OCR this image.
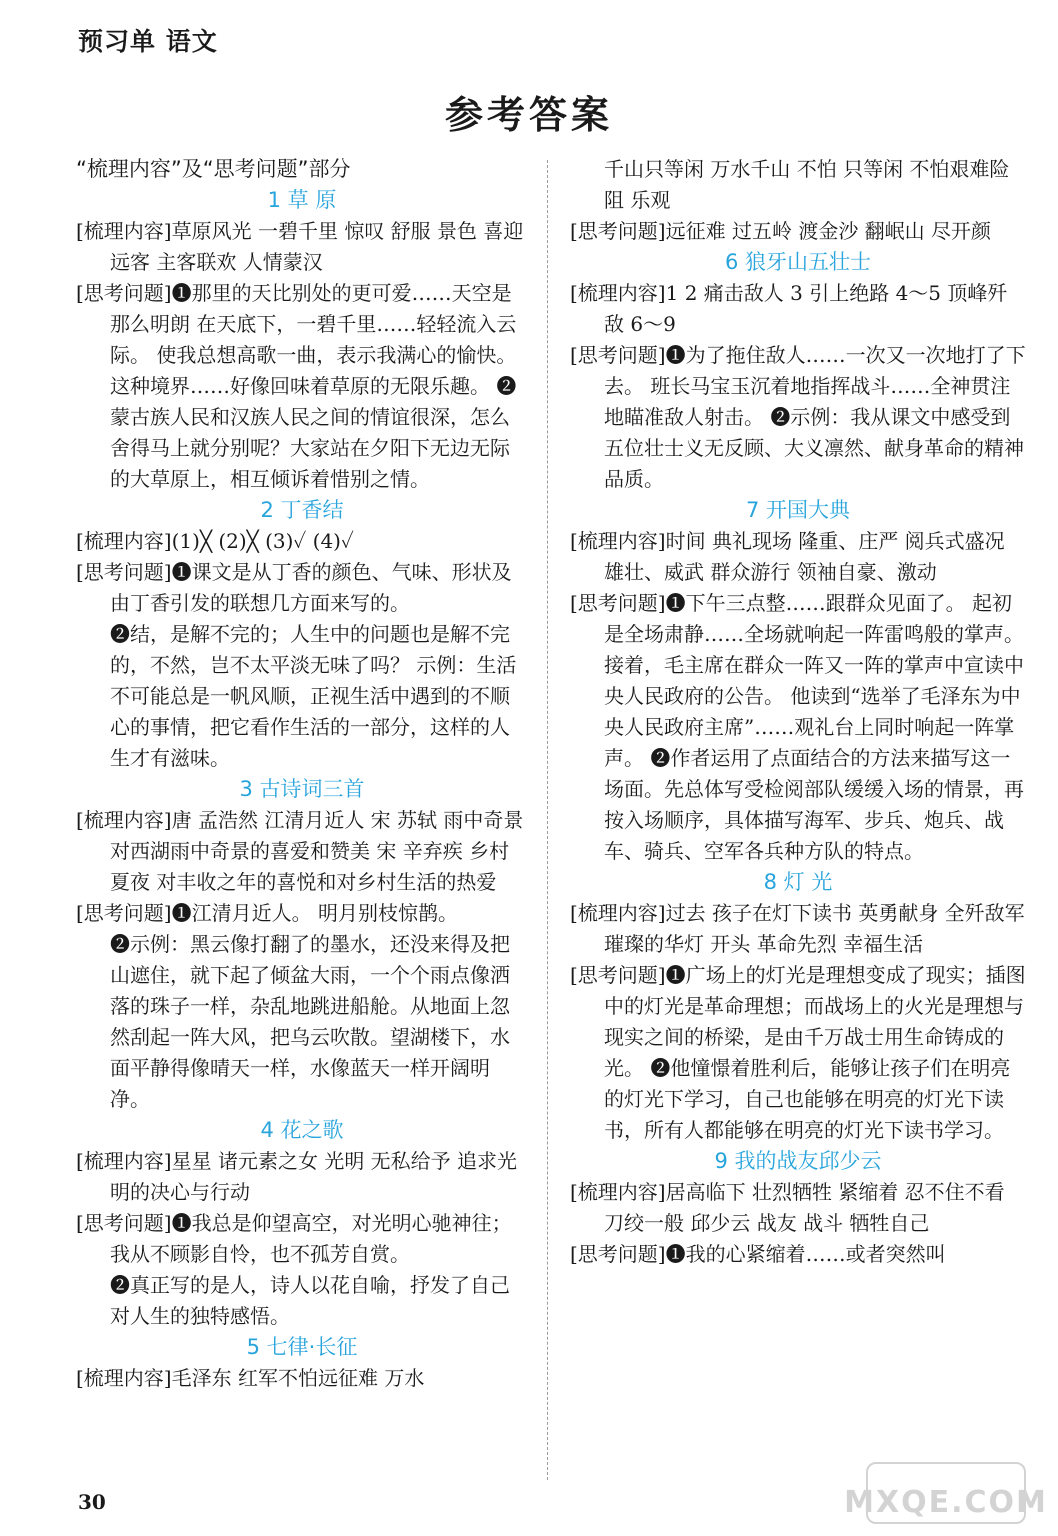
预习单 语文
参考答案

“梳理内容”及“思考问题”部分

1 草 原

[梳理内容]草原风光 一碧千里 惊叹 舒服 景色 喜迎远客 主客联欢 人情蒙汉

[思考问题]❶那里的天比别处的更可爱……天空是那么明朗 在天底下，一碧千里……轻轻流入云际。 使我总想高歌一曲，表示我满心的愉快。 这种境界……好像回味着草原的无限乐趣。 ❷蒙古族人民和汉族人民之间的情谊很深，怎么舍得马上就分别呢？大家站在夕阳下无边无际的大草原上，相互倾诉着惜别之情。

2 丁香结

[梳理内容](1)╳ (2)╳ (3)✓ (4)✓

[思考问题]❶课文是从丁香的颜色、气味、形状及由丁香引发的联想几方面来写的。

❷结，是解不完的；人生中的问题也是解不完的，不然，岂不太平淡无味了吗？ 示例：生活不可能总是一帆风顺，正视生活中遇到的不顺心的事情，把它看作生活的一部分，这样的人生才有滋味。

3 古诗词三首

[梳理内容]唐 孟浩然 江清月近人 宋 苏轼 雨中奇景 对西湖雨中奇景的喜爱和赞美 宋 辛弃疾 乡村夏夜 对丰收之年的喜悦和对乡村生活的热爱

[思考问题]❶江清月近人。 明月别枝惊鹊。

❷示例：黑云像打翻了的墨水，还没来得及把山遮住，就下起了倾盆大雨，一个个雨点像洒落的珠子一样，杂乱地跳进船舱。从地面上忽然刮起一阵大风，把乌云吹散。望湖楼下，水面平静得像晴天一样，水像蓝天一样开阔明净。

4 花之歌

[梳理内容]星星 诸元素之女 光明 无私给予 追求光明的决心与行动

[思考问题]❶我总是仰望高空，对光明心驰神往；我从不顾影自怜，也不孤芳自赏。

❷真正写的是人，诗人以花自喻，抒发了自己对人生的独特感悟。

5 七律·长征

[梳理内容]毛泽东 红军不怕远征难 万水

千山只等闲 万水千山 不怕 只等闲 不怕艰难险阻 乐观

[思考问题]远征难 过五岭 渡金沙 翻岷山 尽开颜

6 狼牙山五壮士

[梳理内容]1 2 痛击敌人 3 引上绝路 4～5 顶峰歼敌 6～9

[思考问题]❶为了拖住敌人……一次又一次地打了下去。 班长马宝玉沉着地指挥战斗……全神贯注地瞄准敌人射击。 ❷示例：我从课文中感受到五位壮士义无反顾、大义凛然、献身革命的精神品质。

7 开国大典

[梳理内容]时间 典礼现场 隆重、庄严 阅兵式盛况 雄壮、威武 群众游行 领袖自豪、激动

[思考问题]❶下午三点整……跟群众见面了。 起初是全场肃静……全场就响起一阵雷鸣般的掌声。 接着，毛主席在群众一阵又一阵的掌声中宣读中央人民政府的公告。 他读到“选举了毛泽东为中央人民政府主席”……观礼台上同时响起一阵掌声。 ❷作者运用了点面结合的方法来描写这一场面。先总体写受检阅部队缓缓入场的情景，再按入场顺序，具体描写海军、步兵、炮兵、战车、骑兵、空军各兵种方队的特点。

8 灯 光

[梳理内容]过去 孩子在灯下读书 英勇献身 全歼敌军 璀璨的华灯 开头 革命先烈 幸福生活

[思考问题]❶广场上的灯光是理想变成了现实；插图中的灯光是革命理想；而战场上的火光是理想与现实之间的桥梁，是由千万战士用生命铸成的光。 ❷他憧憬着胜利后，能够让孩子们在明亮的灯光下学习，自己也能够在明亮的灯光下读书，所有人都能够在明亮的灯光下读书学习。

9 我的战友邱少云

[梳理内容]居高临下 壮烈牺牲 紧缩着 忍不住不看 刀绞一般 邱少云 战友 战斗 牺牲自己

[思考问题]❶我的心紧缩着……或者突然叫

30	MXQE.COM
